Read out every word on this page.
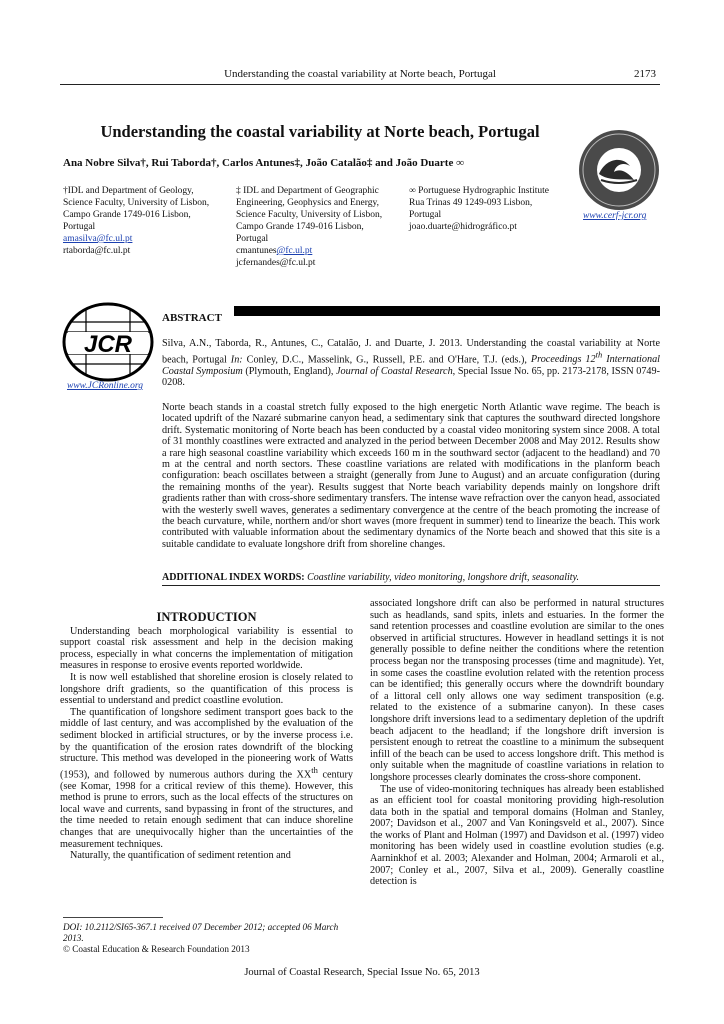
Understanding the coastal variability at Norte beach, Portugal	2173
Understanding the coastal variability at Norte beach, Portugal
Ana Nobre Silva†, Rui Taborda†, Carlos Antunes‡, João Catalão‡ and João Duarte ∞
†IDL and Department of Geology,
Science Faculty, University of Lisbon,
Campo Grande 1749-016 Lisbon,
Portugal
amasilva@fc.ul.pt
rtaborda@fc.ul.pt
‡ IDL and Department of Geographic
Engineering, Geophysics and Energy,
Science Faculty, University of Lisbon,
Campo Grande 1749-016 Lisbon,
Portugal
cmantunes@fc.ul.pt
jcfernandes@fc.ul.pt
∞ Portuguese Hydrographic Institute
Rua Trinas 49 1249-093 Lisbon,
Portugal
joao.duarte@hidrográfico.pt
www.cerf-jcr.org
JCR
www.JCRonline.org
ABSTRACT
Silva, A.N., Taborda, R., Antunes, C., Catalão, J. and Duarte, J. 2013. Understanding the coastal variability at Norte beach, Portugal In: Conley, D.C., Masselink, G., Russell, P.E. and O'Hare, T.J. (eds.), Proceedings 12th International Coastal Symposium (Plymouth, England), Journal of Coastal Research, Special Issue No. 65, pp. 2173-2178, ISSN 0749-0208.
Norte beach stands in a coastal stretch fully exposed to the high energetic North Atlantic wave regime. The beach is located updrift of the Nazaré submarine canyon head, a sedimentary sink that captures the southward directed longshore drift. Systematic monitoring of Norte beach has been conducted by a coastal video monitoring system since 2008. A total of 31 monthly coastlines were extracted and analyzed in the period between December 2008 and May 2012. Results show a rare high seasonal coastline variability which exceeds 160 m in the southward sector (adjacent to the headland) and 70 m at the central and north sectors. These coastline variations are related with modifications in the planform beach configuration: beach oscillates between a straight (generally from June to August) and an arcuate configuration (during the remaining months of the year). Results suggest that Norte beach variability depends mainly on longshore drift gradients rather than with cross-shore sedimentary transfers. The intense wave refraction over the canyon head, associated with the westerly swell waves, generates a sedimentary convergence at the centre of the beach promoting the increase of the beach curvature, while, northern and/or short waves (more frequent in summer) tend to linearize the beach. This work contributed with valuable information about the sedimentary dynamics of the Norte beach and showed that this site is a suitable candidate to evaluate longshore drift from shoreline changes.
ADDITIONAL INDEX WORDS: Coastline variability, video monitoring, longshore drift, seasonality.
INTRODUCTION

Understanding beach morphological variability is essential to support coastal risk assessment and help in the decision making process, especially in what concerns the implementation of mitigation measures in response to erosive events reported worldwide.

It is now well established that shoreline erosion is closely related to longshore drift gradients, so the quantification of this process is essential to understand and predict coastline evolution.

The quantification of longshore sediment transport goes back to the middle of last century, and was accomplished by the evaluation of the sediment blocked in artificial structures, or by the inverse process i.e. by the quantification of the erosion rates downdrift of the blocking structure. This method was developed in the pioneering work of Watts (1953), and followed by numerous authors during the XXth century (see Komar, 1998 for a critical review of this theme). However, this method is prune to errors, such as the local effects of the structures on local wave and currents, sand bypassing in front of the structures, and the time needed to retain enough sediment that can induce shoreline changes that are unequivocally higher than the uncertainties of the measurement techniques.

Naturally, the quantification of sediment retention and

associated longshore drift can also be performed in natural structures such as headlands, sand spits, inlets and estuaries. In the former the sand retention processes and coastline evolution are similar to the ones observed in artificial structures. However in headland settings it is not generally possible to define neither the conditions where the retention process began nor the transposing processes (time and magnitude). Yet, in some cases the coastline evolution related with the retention process can be identified; this generally occurs where the downdrift boundary of a littoral cell only allows one way sediment transposition (e.g. related to the existence of a submarine canyon). In these cases longshore drift inversions lead to a sedimentary depletion of the updrift beach adjacent to the headland; if the longshore drift inversion is persistent enough to retreat the coastline to a minimum the subsequent infill of the beach can be used to access longshore drift. This method is only suitable when the magnitude of coastline variations in relation to longshore processes clearly dominates the cross-shore component.

The use of video-monitoring techniques has already been established as an efficient tool for coastal monitoring providing high-resolution data both in the spatial and temporal domains (Holman and Stanley, 2007; Davidson et al., 2007 and Van Koningsveld et al., 2007). Since the works of Plant and Holman (1997) and Davidson et al. (1997) video monitoring has been widely used in coastline evolution studies (e.g. Aarninkhof et al. 2003; Alexander and Holman, 2004; Armaroli et al., 2007; Conley et al., 2007, Silva et al., 2009). Generally coastline detection is

DOI: 10.2112/SI65-367.1 received 07 December 2012; accepted 06 March 2013.
© Coastal Education & Research Foundation 2013
Journal of Coastal Research, Special Issue No. 65, 2013
